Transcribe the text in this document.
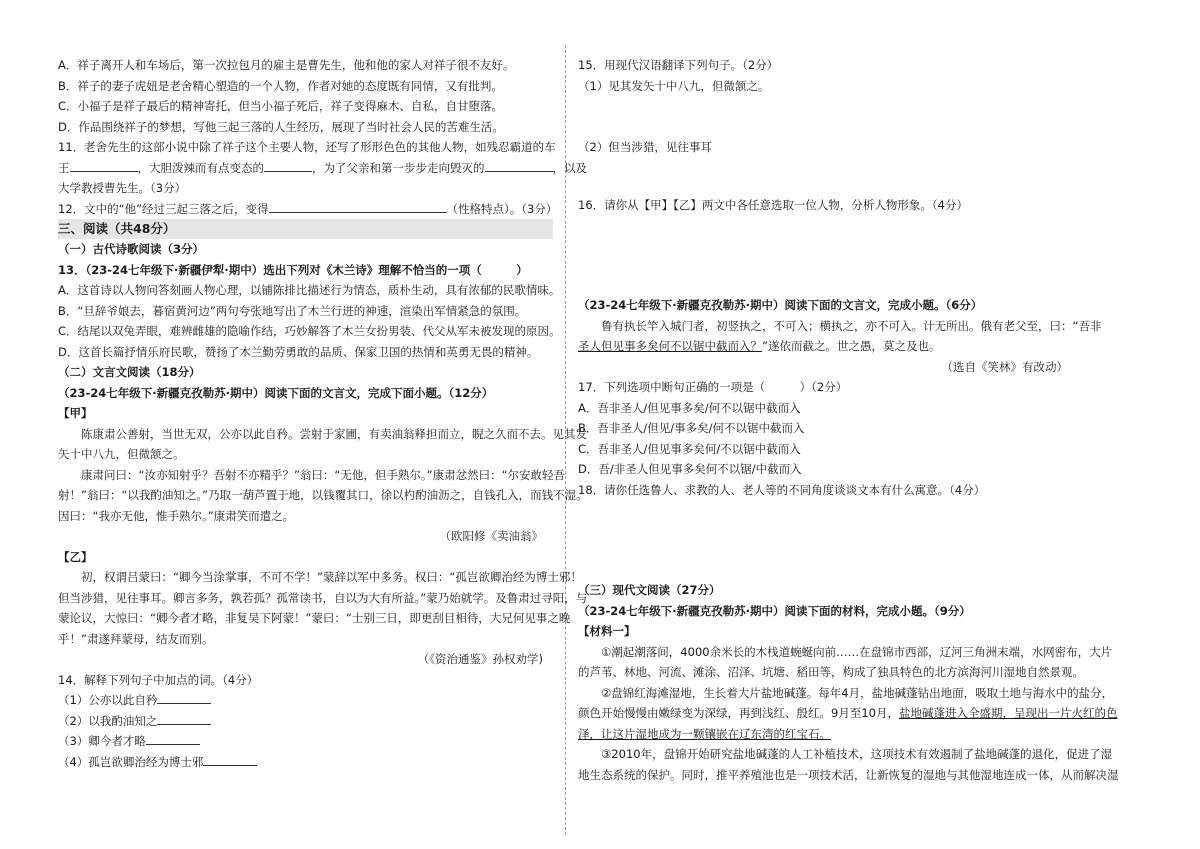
A．祥子离开人和车场后，第一次拉包月的雇主是曹先生，他和他的家人对祥子很不友好。
B．祥子的妻子虎妞是老舍精心塑造的一个人物，作者对她的态度既有同情，又有批判。
C．小福子是祥子最后的精神寄托，但当小福子死后，祥子变得麻木、自私，自甘堕落。
D．作品围绕祥子的梦想，写他三起三落的人生经历，展现了当时社会人民的苦难生活。
11．老舍先生的这部小说中除了祥子这个主要人物，还写了形形色色的其他人物，如残忍霸道的车
王	，大胆泼辣而有点变态的	，为了父亲和第一步步走向毁灭的	，以及
大学教授曹先生。（3分）
12．文中的“他”经过三起三落之后，变得	（性格特点）。（3分）
三、阅读（共48分）
（一）古代诗歌阅读（3分）
13．（23-24七年级下·新疆伊犁·期中）选出下列对《木兰诗》理解不恰当的一项（　　　）
A．这首诗以人物问答刻画人物心理，以铺陈排比描述行为情态，质朴生动，具有浓郁的民歌情味。
B．“旦辞爷娘去，暮宿黄河边”两句夸张地写出了木兰行进的神速，渲染出军情紧急的氛围。
C．结尾以双兔弄眼，难辨雌雄的隐喻作结，巧妙解答了木兰女扮男装、代父从军未被发现的原因。
D．这首长篇抒情乐府民歌，赞扬了木兰勤劳勇敢的品质、保家卫国的热情和英勇无畏的精神。
（二）文言文阅读（18分）
（23-24七年级下·新疆克孜勒苏·期中）阅读下面的文言文，完成下面小题。（12分）
【甲】
陈康肃公善射，当世无双，公亦以此自矜。尝射于家圃，有卖油翁释担而立，睨之久而不去。见其发
矢十中八九，但微颔之。
康肃问曰：“汝亦知射乎？吾射不亦精乎？”翁曰：“无他，但手熟尔。”康肃忿然曰：“尔安敢轻吾
射！”翁曰：“以我酌油知之。”乃取一葫芦置于地，以钱覆其口，徐以杓酌油沥之，自钱孔入，而钱不湿。
因曰：“我亦无他，惟手熟尔。”康肃笑而遣之。
（欧阳修《卖油翁》
【乙】
初，权谓吕蒙曰：“卿今当涂掌事，不可不学！”蒙辞以军中多务。权曰：“孤岂欲卿治经为博士邪！
但当涉猎，见往事耳。卿言多务，孰若孤？孤常读书，自以为大有所益。”蒙乃始就学。及鲁肃过寻阳，与
蒙论议，大惊曰：“卿今者才略，非复吴下阿蒙！”蒙曰：“士别三日，即更刮目相待，大兄何见事之晚
乎！”肃遂拜蒙母，结友而别。
（《资治通鉴》孙权劝学)
14．解释下列句子中加点的词。（4分）
（1）公亦以此自矜
（2）以我酌油知之
（3）卿今者才略
（4）孤岂欲卿治经为博士邪
15．用现代汉语翻译下列句子。（2分）
（1）见其发矢十中八九，但微颔之。
（2）但当涉猎，见往事耳
16．请你从【甲】【乙】两文中各任意选取一位人物，分析人物形象。（4分）
（23-24七年级下·新疆克孜勒苏·期中）阅读下面的文言文，完成小题。（6分）
鲁有执长竿入城门者，初竖执之，不可入；横执之，亦不可入。计无所出。俄有老父至，曰：“吾非
圣人但见事多矣何不以锯中截而入？”遂依而截之。世之愚，莫之及也。
（选自《笑林》有改动）
17．下列选项中断句正确的一项是（　　　）（2分）
A．吾非圣人/但见事多矣/何不以锯中截而入
B．吾非圣人/但见/事多矣/何不以锯中截而入
C．吾非圣人/但见事多矣何/不以锯中截而入
D．吾/非圣人但见事多矣何不以锯/中截而入
18．请你任选鲁人、求教的人、老人等的不同角度谈谈文本有什么寓意。（4分）
（三）现代文阅读（27分）
（23-24七年级下·新疆克孜勒苏·期中）阅读下面的材料，完成小题。（9分）
【材料一】
①潮起潮落间，4000余米长的木栈道蜿蜒向前……在盘锦市西部，辽河三角洲末端，水网密布，大片
的芦苇、林地、河流、滩涂、沼泽、坑塘、稻田等，构成了独具特色的北方滨海河川湿地自然景观。
②盘锦红海滩湿地，生长着大片盐地碱蓬。每年4月，盐地碱蓬钻出地面，吸取土地与海水中的盐分，
颜色开始慢慢由嫩绿变为深绿，再到浅红、殷红。9月至10月，盐地碱蓬进入全盛期，呈现出一片火红的色
泽，让这片湿地成为一颗镶嵌在辽东湾的红宝石。
③2010年，盘锦开始研究盐地碱蓬的人工补植技术，这项技术有效遏制了盐地碱蓬的退化，促进了湿
地生态系统的保护。同时，推平养殖池也是一项技术活，让新恢复的湿地与其他湿地连成一体，从而解决湿
